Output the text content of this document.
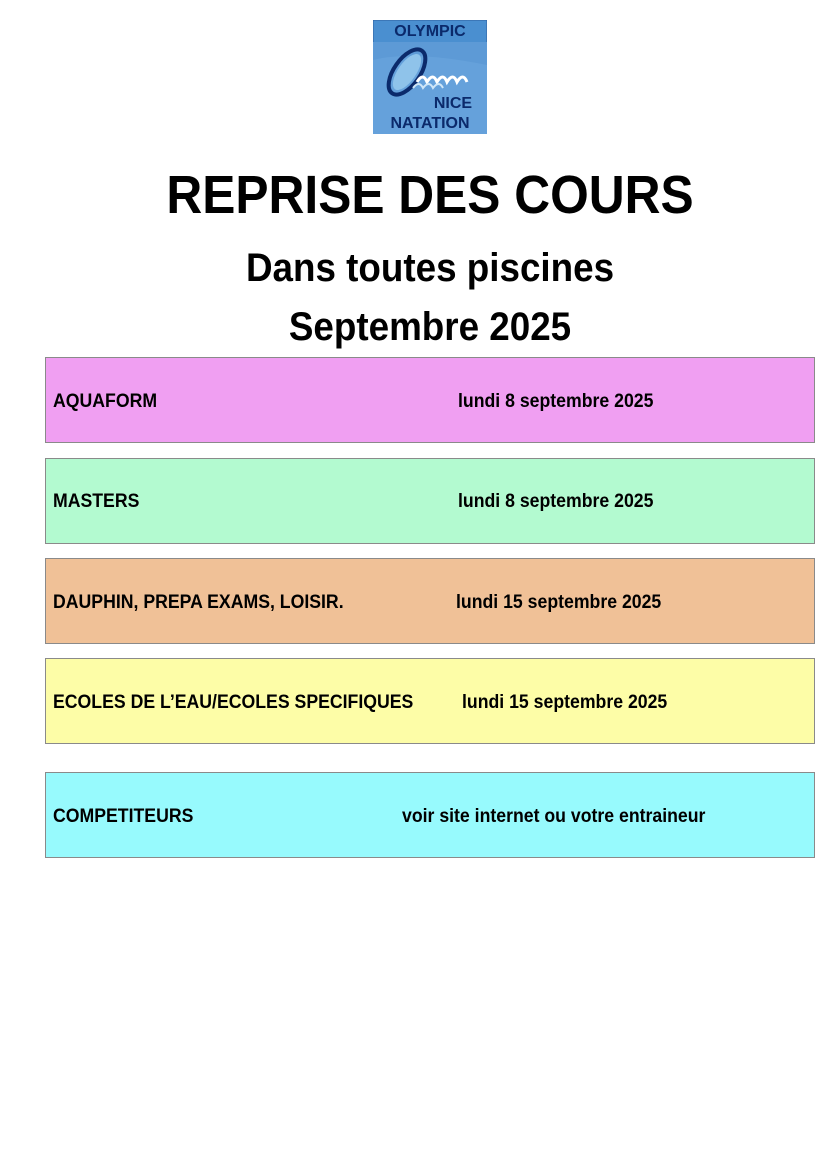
OLYMPIC
NICE
NATATION
REPRISE DES COURS
Dans toutes piscines
Septembre 2025
AQUAFORM	lundi 8 septembre 2025
MASTERS	lundi 8 septembre 2025
DAUPHIN, PREPA EXAMS, LOISIR.	lundi 15 septembre 2025
ECOLES DE L’EAU/ECOLES SPECIFIQUES	lundi 15 septembre 2025
COMPETITEURS	voir site internet ou votre entraineur
